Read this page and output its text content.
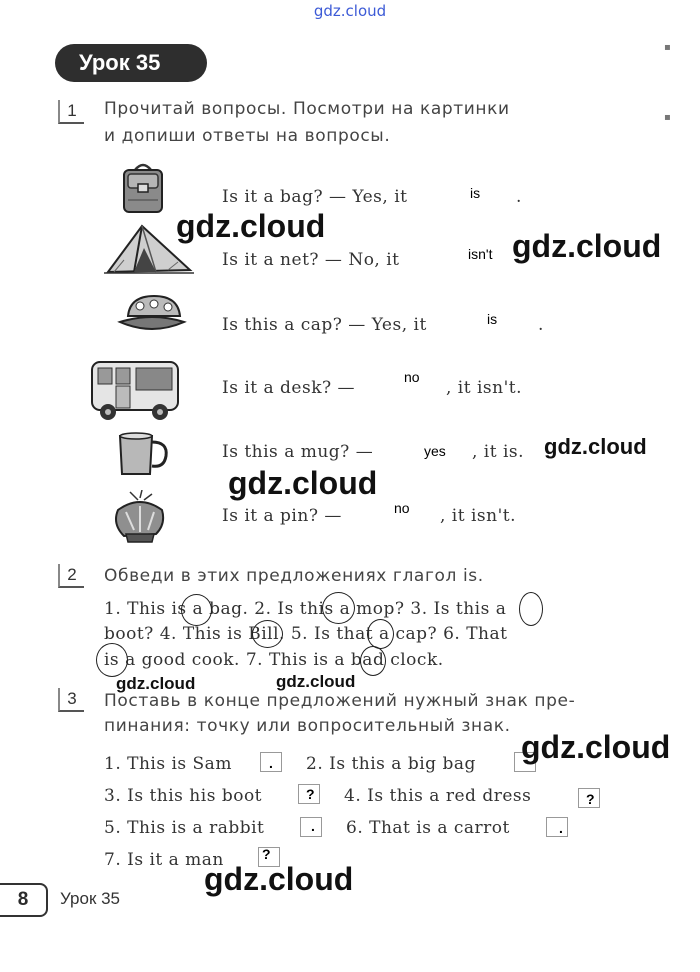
gdz.cloud
Урок 35
▪
▪
1	Прочитай вопросы. Посмотри на картинки
и допиши ответы на вопросы.
Is it a bag? — Yes, it	is .
Is it a net? — No, it	isn't
Is this a cap? — Yes, it	is .
Is it a desk? —
no
, it isn't.
Is this a mug? —	yes , it is.
Is it a pin? —	no , it isn't.
2	Обведи в этих предложениях глагол is.
1. This is a bag. 2. Is this a mop? 3. Is this a
boot? 4. This is Bill. 5. Is that a cap? 6. That
is a good cook. 7. This is a bad clock.
3	Поставь в конце предложений нужный знак пре-
пинания: точку или вопросительный знак.
1. This is Sam	. 2. Is this a big bag
3. Is this his boot	? 4. Is this a red dress	?
5. This is a rabbit	. 6. That is a carrot	.
7. Is it a man	?
gdz.cloud
gdz.cloud
gdz.cloud
gdz.cloud
gdz.cloud	gdz.cloud
gdz.cloud
gdz.cloud
8	Урок 35
